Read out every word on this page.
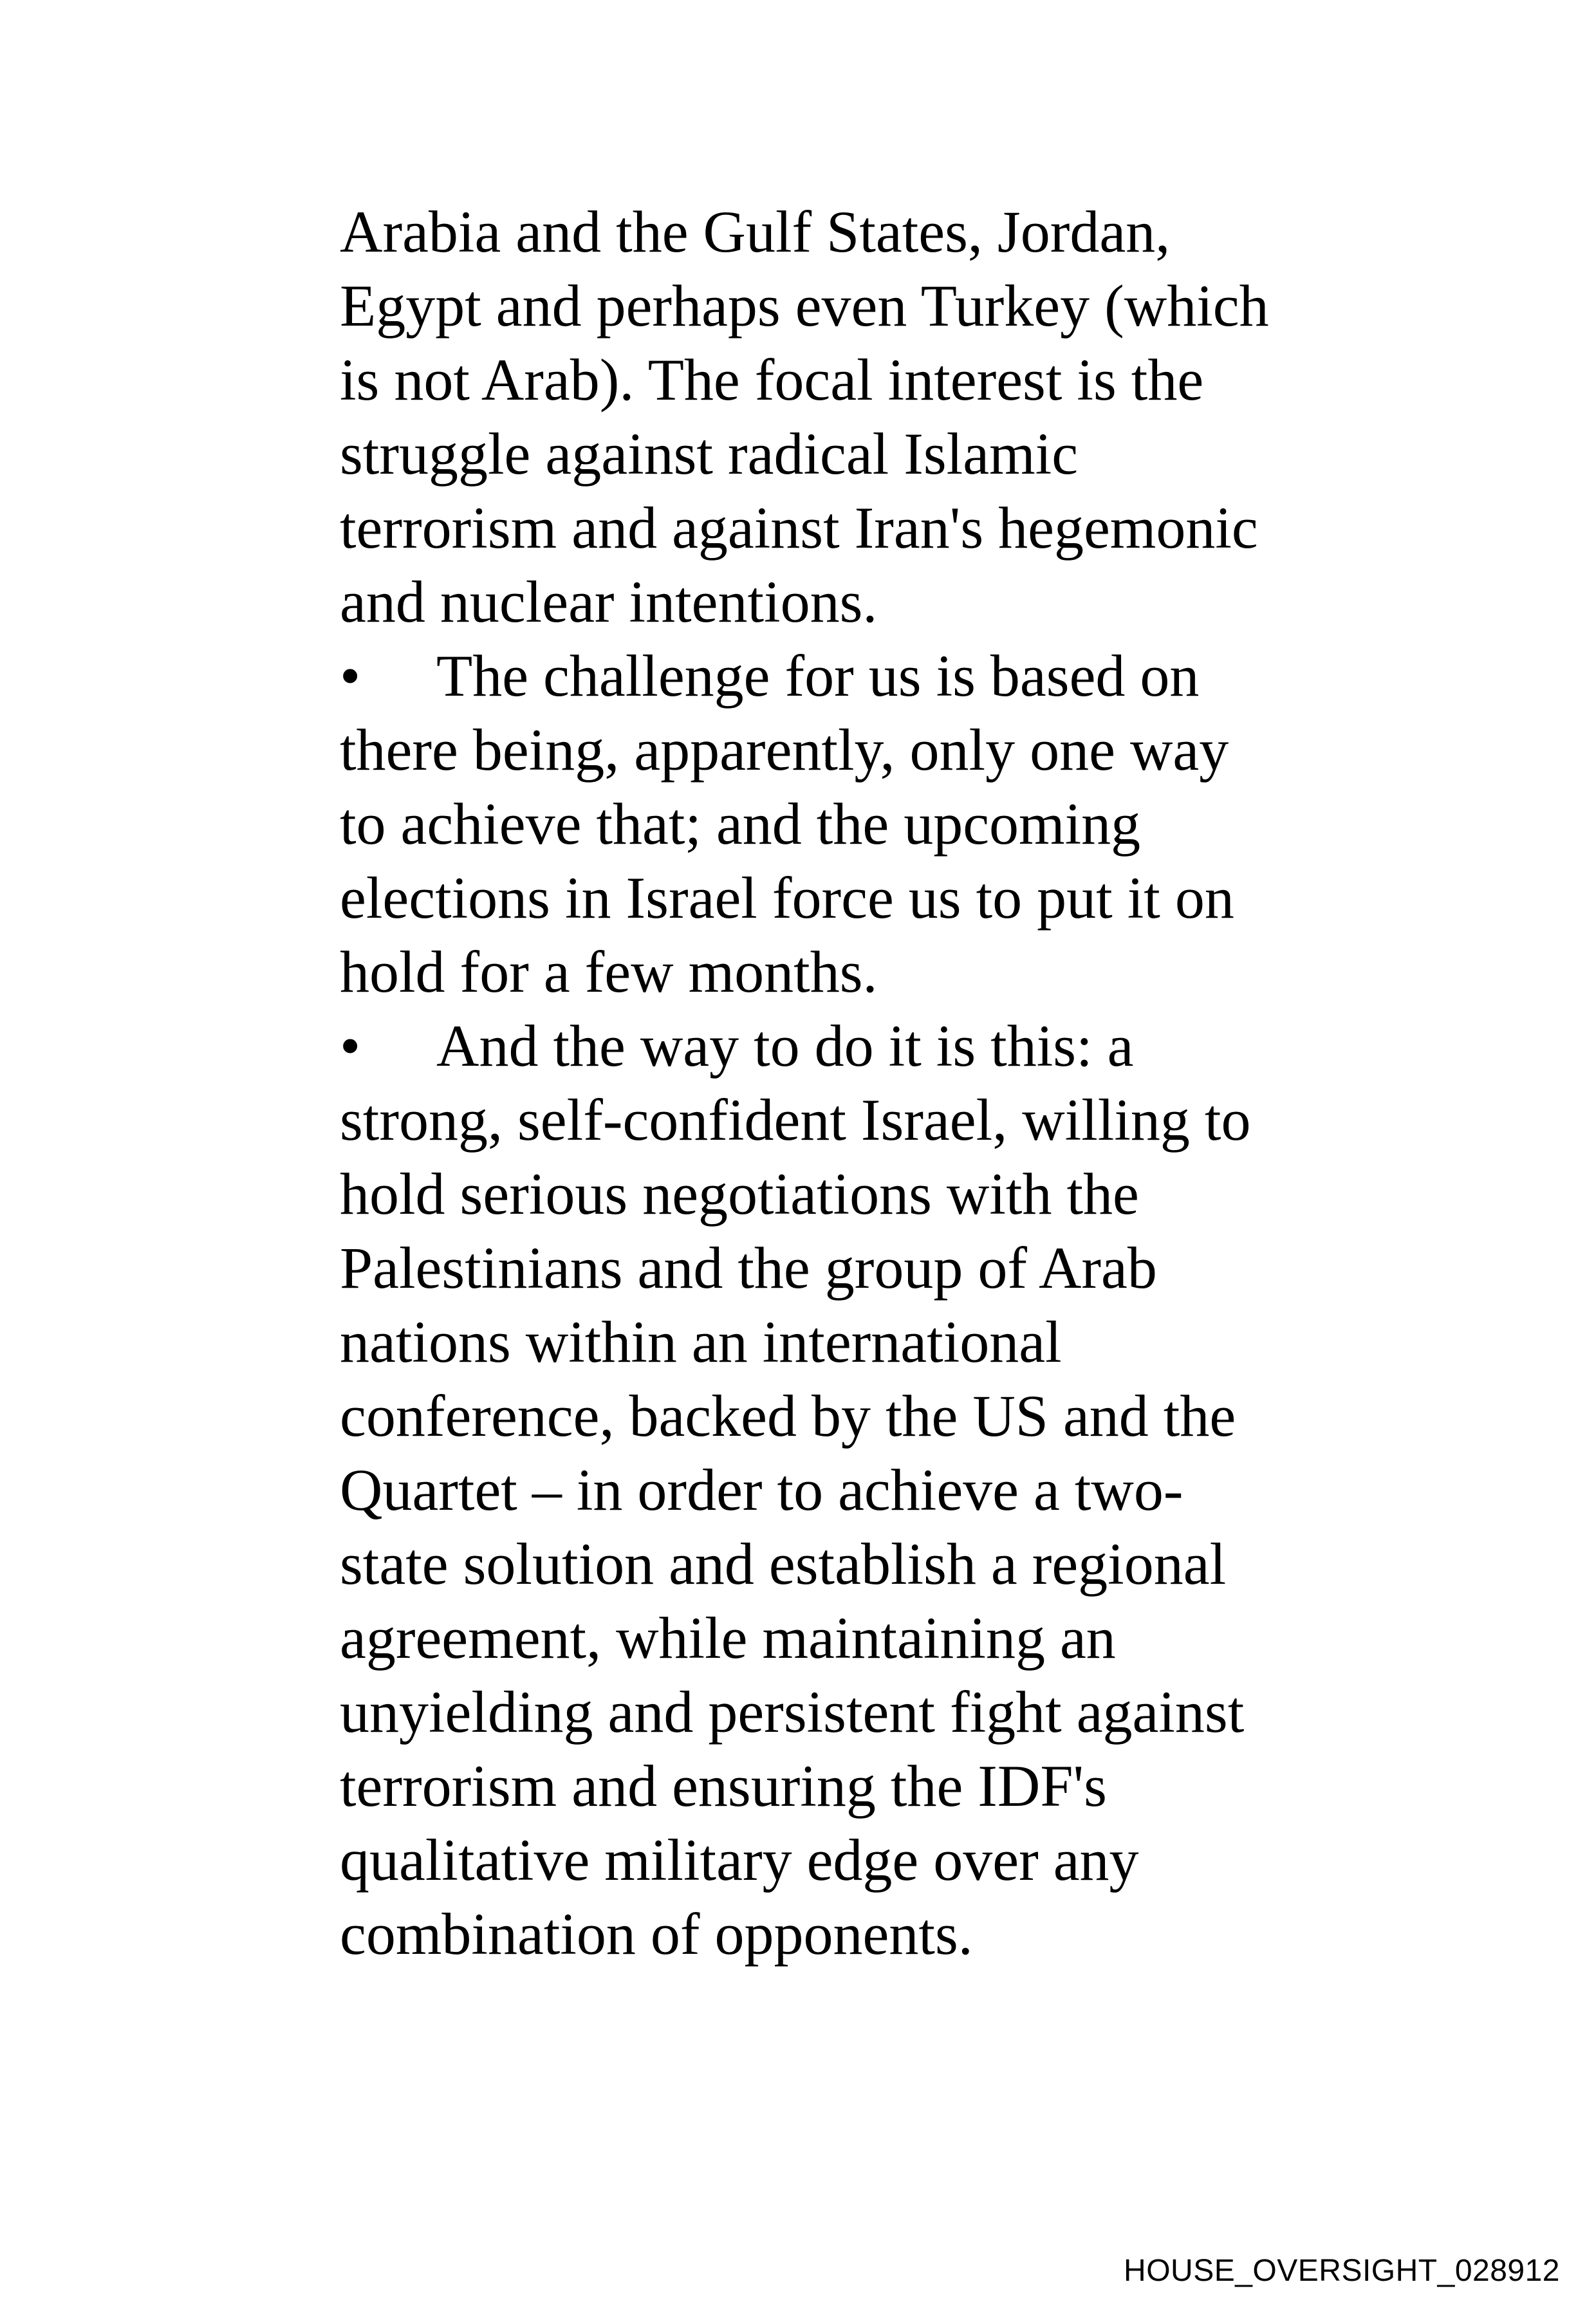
Arabia and the Gulf States, Jordan,
Egypt and perhaps even Turkey (which
is not Arab). The focal interest is the
struggle against radical Islamic
terrorism and against Iran's hegemonic
and nuclear intentions.
• The challenge for us is based on
there being, apparently, only one way
to achieve that; and the upcoming
elections in Israel force us to put it on
hold for a few months.
• And the way to do it is this: a
strong, self-confident Israel, willing to
hold serious negotiations with the
Palestinians and the group of Arab
nations within an international
conference, backed by the US and the
Quartet – in order to achieve a two-
state solution and establish a regional
agreement, while maintaining an
unyielding and persistent fight against
terrorism and ensuring the IDF's
qualitative military edge over any
combination of opponents.
HOUSE_OVERSIGHT_028912
